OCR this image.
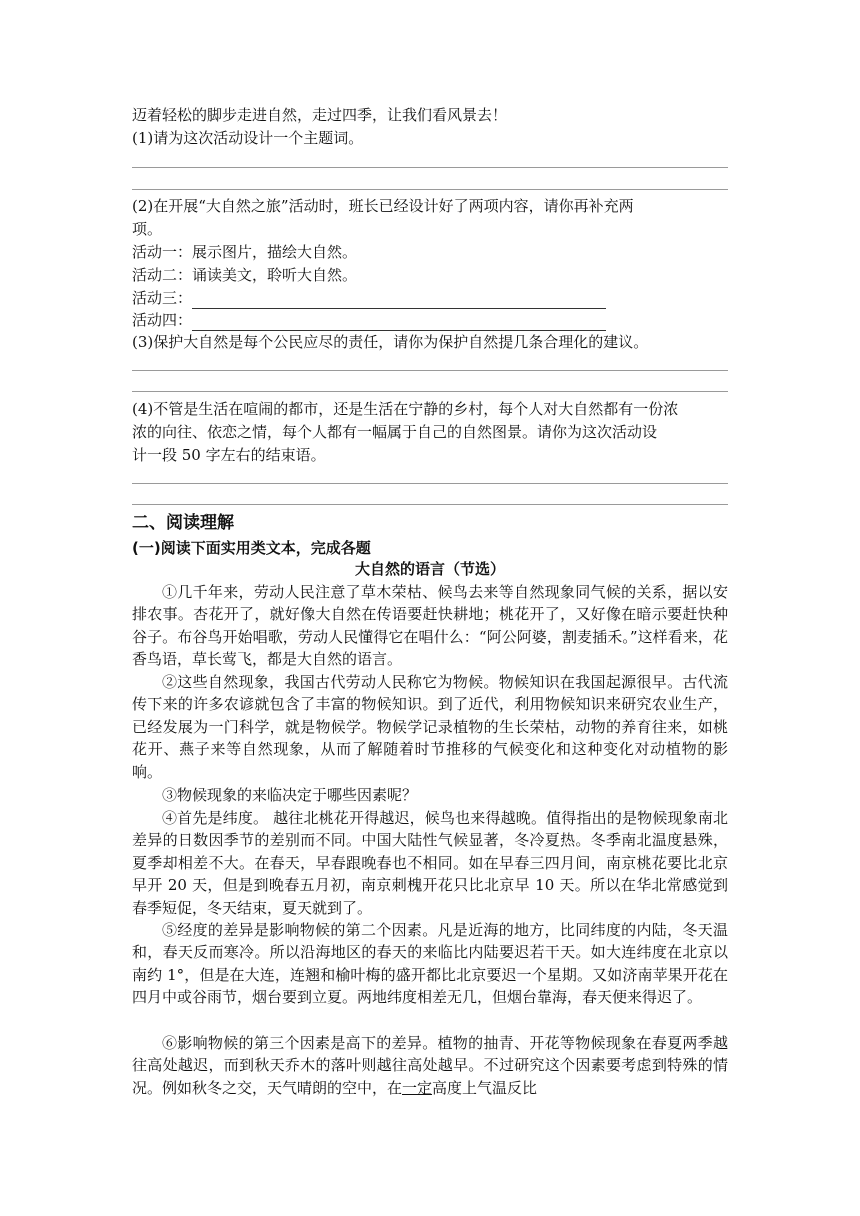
迈着轻松的脚步走进自然，走过四季，让我们看风景去！
(1)请为这次活动设计一个主题词。
(2)在开展“大自然之旅”活动时，班长已经设计好了两项内容，请你再补充两
项。
活动一：展示图片，描绘大自然。
活动二：诵读美文，聆听大自然。
活动三：
活动四：
(3)保护大自然是每个公民应尽的责任，请你为保护自然提几条合理化的建议。
(4)不管是生活在喧闹的都市，还是生活在宁静的乡村，每个人对大自然都有一份浓
浓的向往、依恋之情，每个人都有一幅属于自己的自然图景。请你为这次活动设
计一段 50 字左右的结束语。
二、阅读理解
(一)阅读下面实用类文本，完成各题
大自然的语言（节选）
①几千年来，劳动人民注意了草木荣枯、候鸟去来等自然现象同气候的关系，据以安排农事。杏花开了，就好像大自然在传语要赶快耕地；桃花开了，又好像在暗示要赶快种谷子。布谷鸟开始唱歌，劳动人民懂得它在唱什么：“阿公阿婆，割麦插禾。”这样看来，花香鸟语，草长莺飞，都是大自然的语言。
②这些自然现象，我国古代劳动人民称它为物候。物候知识在我国起源很早。古代流传下来的许多农谚就包含了丰富的物候知识。到了近代，利用物候知识来研究农业生产，已经发展为一门科学，就是物候学。物候学记录植物的生长荣枯，动物的养育往来，如桃花开、燕子来等自然现象，从而了解随着时节推移的气候变化和这种变化对动植物的影响。
③物候现象的来临决定于哪些因素呢？
④首先是纬度。 越往北桃花开得越迟，候鸟也来得越晚。值得指出的是物候现象南北差异的日数因季节的差别而不同。中国大陆性气候显著，冬冷夏热。冬季南北温度悬殊，夏季却相差不大。在春天，早春跟晚春也不相同。如在早春三四月间，南京桃花要比北京早开 20 天，但是到晚春五月初，南京刺槐开花只比北京早 10 天。所以在华北常感觉到春季短促，冬天结束，夏天就到了。
⑤经度的差异是影响物候的第二个因素。凡是近海的地方，比同纬度的内陆，冬天温和，春天反而寒冷。所以沿海地区的春天的来临比内陆要迟若干天。如大连纬度在北京以南约 1°，但是在大连，连翘和榆叶梅的盛开都比北京要迟一个星期。又如济南苹果开花在四月中或谷雨节，烟台要到立夏。两地纬度相差无几，但烟台靠海，春天便来得迟了。
⑥影响物候的第三个因素是高下的差异。植物的抽青、开花等物候现象在春夏两季越往高处越迟，而到秋天乔木的落叶则越往高处越早。不过研究这个因素要考虑到特殊的情况。例如秋冬之交，天气晴朗的空中，在一定高度上气温反比
